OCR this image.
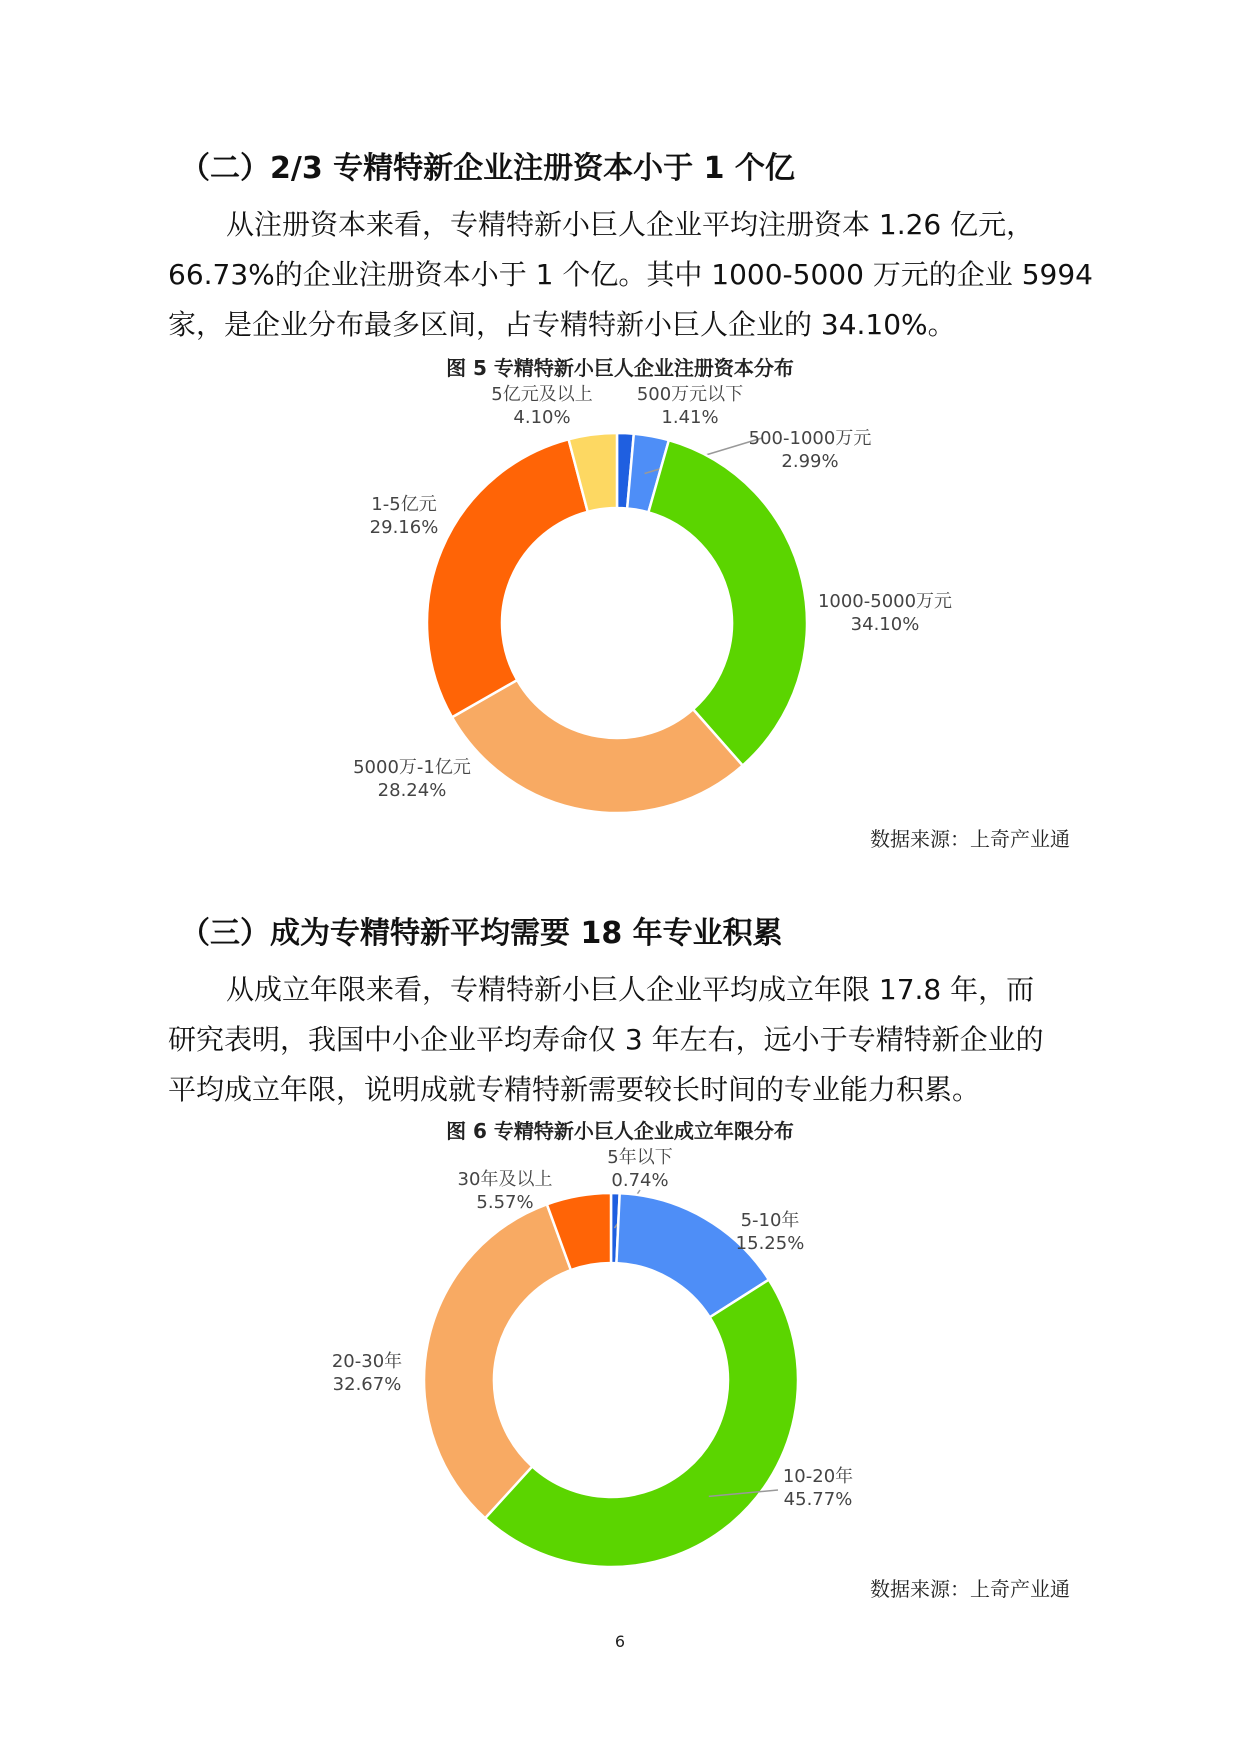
（二）2/3 专精特新企业注册资本小于 1 个亿
从注册资本来看，专精特新小巨人企业平均注册资本 1.26 亿元，
66.73%的企业注册资本小于 1 个亿。其中 1000-5000 万元的企业 5994
家，是企业分布最多区间，占专精特新小巨人企业的 34.10%。

图 5 专精特新小巨人企业注册资本分布

500万元以下
1.41%
500-1000万元
2.99%
1000-5000万元
34.10%
5000万-1亿元
28.24%
1-5亿元
29.16%
5亿元及以上
4.10%

数据来源：上奇产业通

（三）成为专精特新平均需要 18 年专业积累
从成立年限来看，专精特新小巨人企业平均成立年限 17.8 年，而
研究表明，我国中小企业平均寿命仅 3 年左右，远小于专精特新企业的
平均成立年限，说明成就专精特新需要较长时间的专业能力积累。

图 6 专精特新小巨人企业成立年限分布

5年以下
0.74%
5-10年
15.25%
10-20年
45.77%
20-30年
32.67%
30年及以上
5.57%

数据来源：上奇产业通

6
